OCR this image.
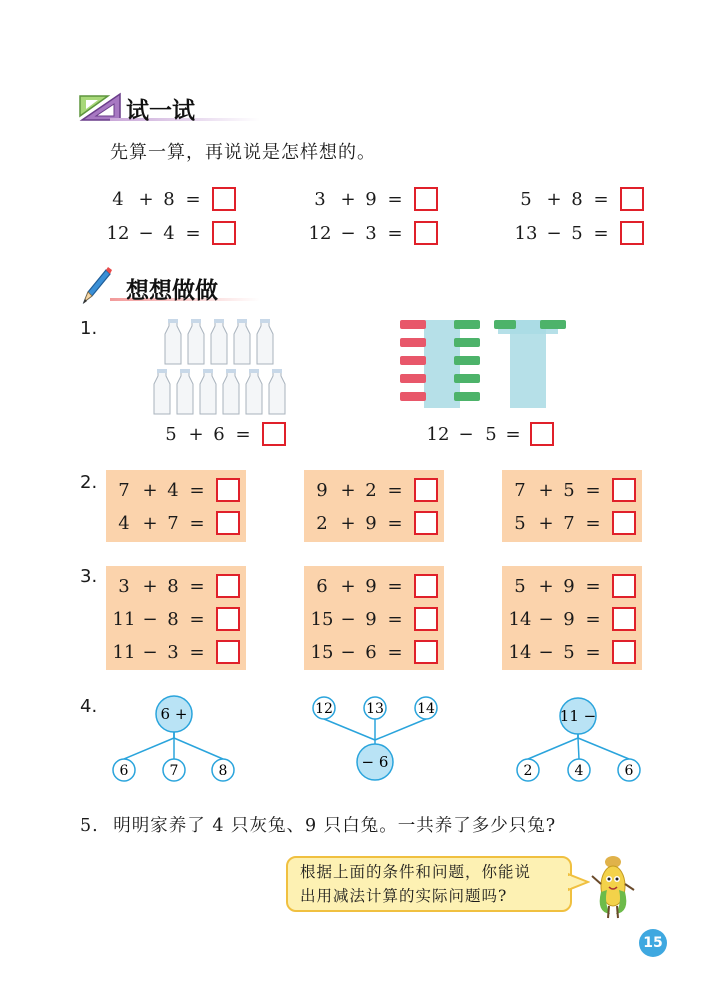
试一试
先算一算，再说说是怎样想的。
4 + 8 =	3 + 9 =	5 + 8 =
12 − 4 =	12 − 3 =	13 − 5 =
想想做做
1.
5 + 6 =	12 − 5 =
2.	7 + 4 =
4 + 7 =
9 + 2 =
2 + 9 =
7 + 5 =
5 + 7 =
3.	3 + 8 =
11 − 8 =
11 − 3 =
6 + 9 =
15 − 9 =
15 − 6 =
5 + 9 =
14 − 9 =
14 − 5 =
4.	6 +
6	7	8
12 13 14
− 6
11 −
2	4	6
5. 明明家养了 4 只灰兔、9 只白兔。一共养了多少只兔?
根据上面的条件和问题，你能说
出用减法计算的实际问题吗?
15
